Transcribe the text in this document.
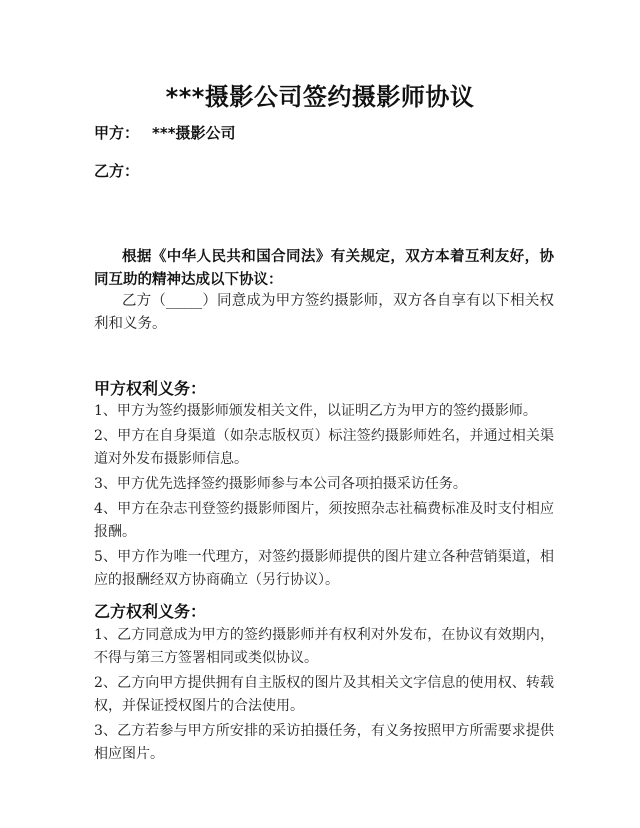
***摄影公司签约摄影师协议
甲方： ***摄影公司
乙方：
根据《中华人民共和国合同法》有关规定，双方本着互利友好，协同互助的精神达成以下协议：
乙方（_____）同意成为甲方签约摄影师，双方各自享有以下相关权利和义务。
甲方权利义务：
1、甲方为签约摄影师颁发相关文件，以证明乙方为甲方的签约摄影师。
2、甲方在自身渠道（如杂志版权页）标注签约摄影师姓名，并通过相关渠道对外发布摄影师信息。
3、甲方优先选择签约摄影师参与本公司各项拍摄采访任务。
4、甲方在杂志刊登签约摄影师图片，须按照杂志社稿费标准及时支付相应报酬。
5、甲方作为唯一代理方，对签约摄影师提供的图片建立各种营销渠道，相应的报酬经双方协商确立（另行协议）。
乙方权利义务：
1、乙方同意成为甲方的签约摄影师并有权利对外发布，在协议有效期内，不得与第三方签署相同或类似协议。
2、乙方向甲方提供拥有自主版权的图片及其相关文字信息的使用权、转载权，并保证授权图片的合法使用。
3、乙方若参与甲方所安排的采访拍摄任务，有义务按照甲方所需要求提供相应图片。
